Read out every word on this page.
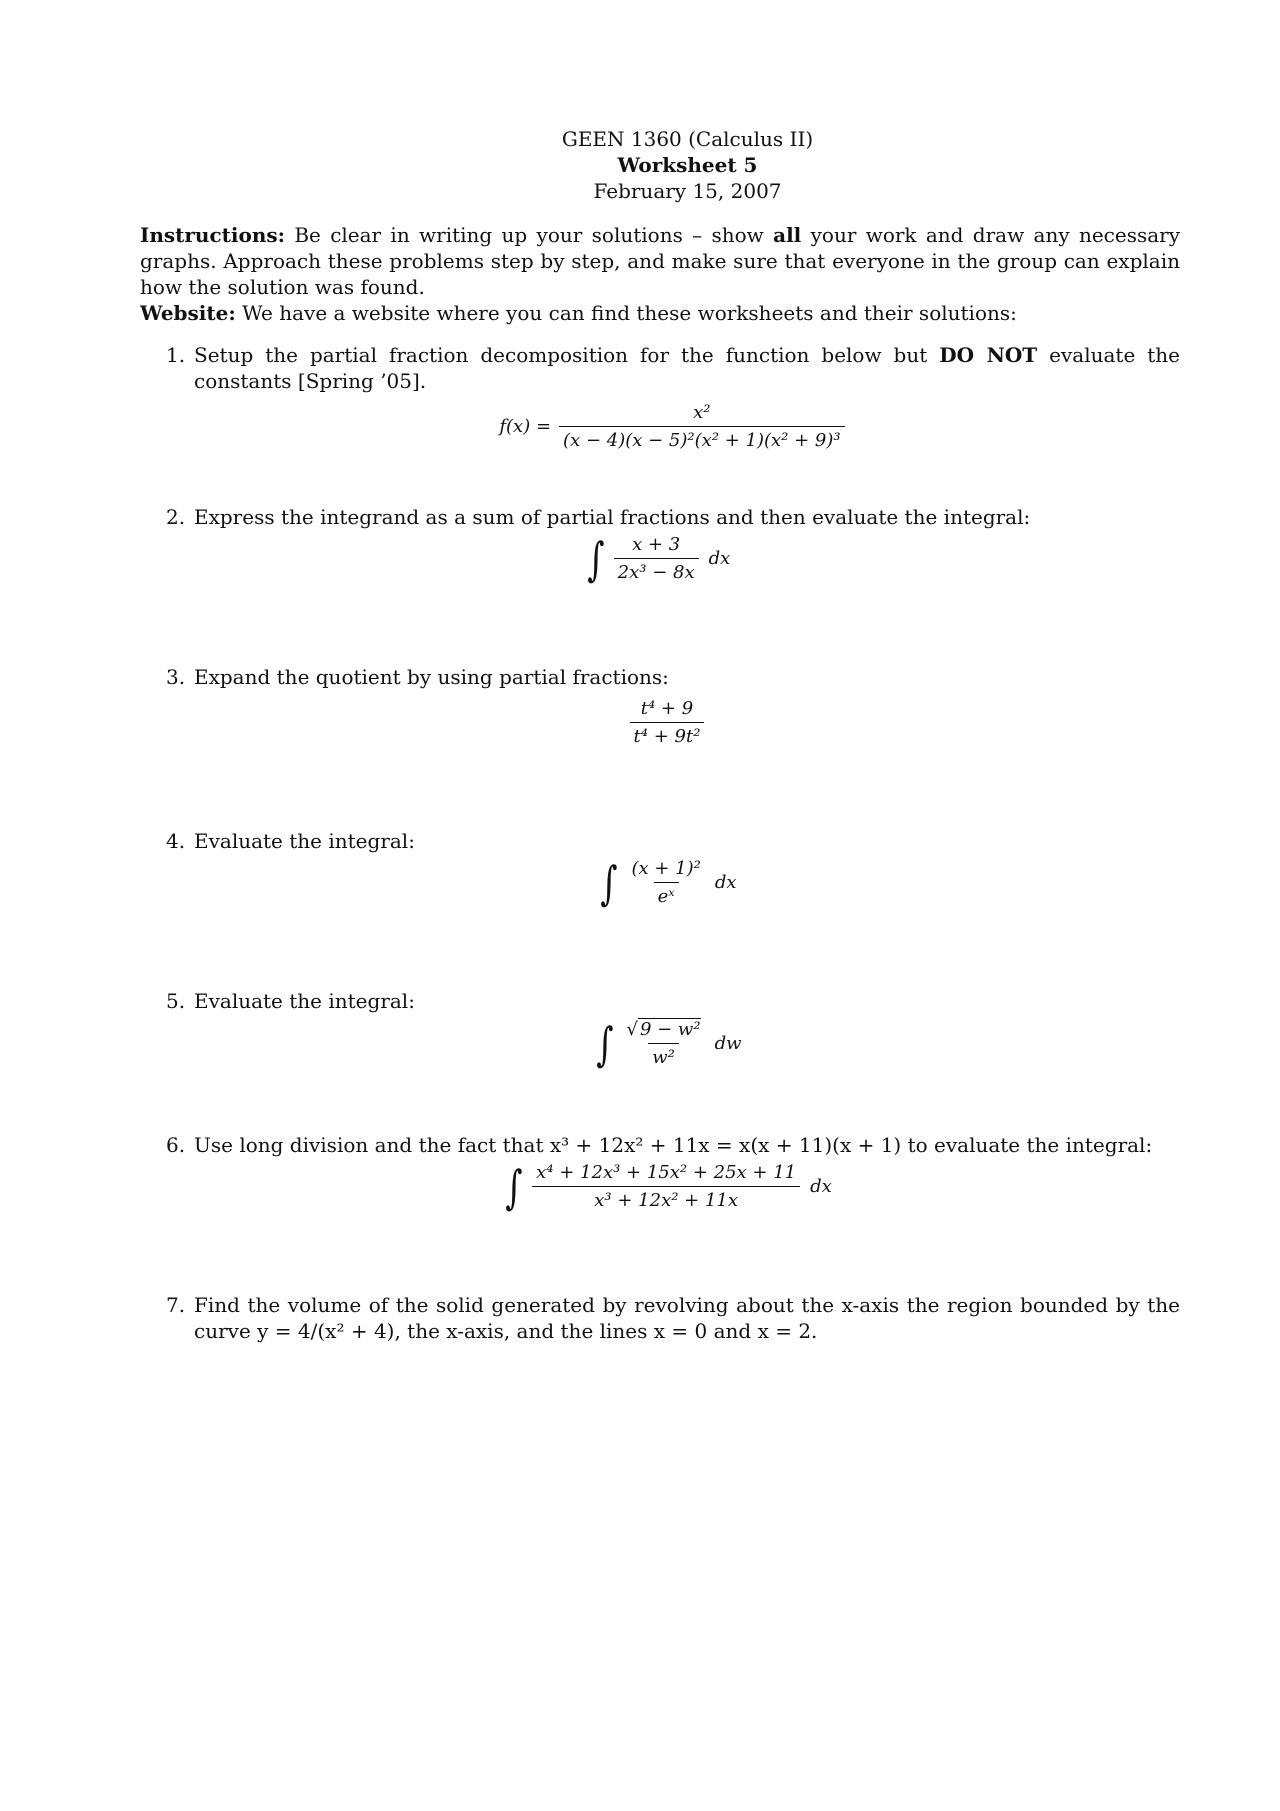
GEEN 1360 (Calculus II)
Worksheet 5
February 15, 2007
Instructions: Be clear in writing up your solutions – show all your work and draw any necessary graphs. Approach these problems step by step, and make sure that everyone in the group can explain how the solution was found.
Website: We have a website where you can find these worksheets and their solutions:
1. Setup the partial fraction decomposition for the function below but DO NOT evaluate the constants [Spring ’05].
$f(x) = \frac{\text{x²}}{\text{(x − 4)(x − 5)²(x² + 1)(x² + 9)³}}$
2. Express the integrand as a sum of partial fractions and then evaluate the integral:
∫ $\frac{x + 3}{\text{2x³ − 8x}}$ dx
3. Expand the quotient by using partial fractions:
$\frac{\text{t⁴ + 9}}{\text{t⁴ + 9t²}}$
4. Evaluate the integral:
∫ $\frac{\text{(x + 1)²}}{\text{eˣ}}$ dx
5. Evaluate the integral:
∫ $\frac{\text{√ 9 − w²}}{\text{w²}}$ dw
6. Use long division and the fact that x³ + 12x² + 11x = x(x + 11)(x + 1) to evaluate the integral:
∫ $\frac{\text{x⁴ + 12x³ + 15x² + 25x + 11}}{\text{x³ + 12x² + 11x}}$ dx
7. Find the volume of the solid generated by revolving about the x-axis the region bounded by the curve y = 4/(x² + 4), the x-axis, and the lines x = 0 and x = 2.
